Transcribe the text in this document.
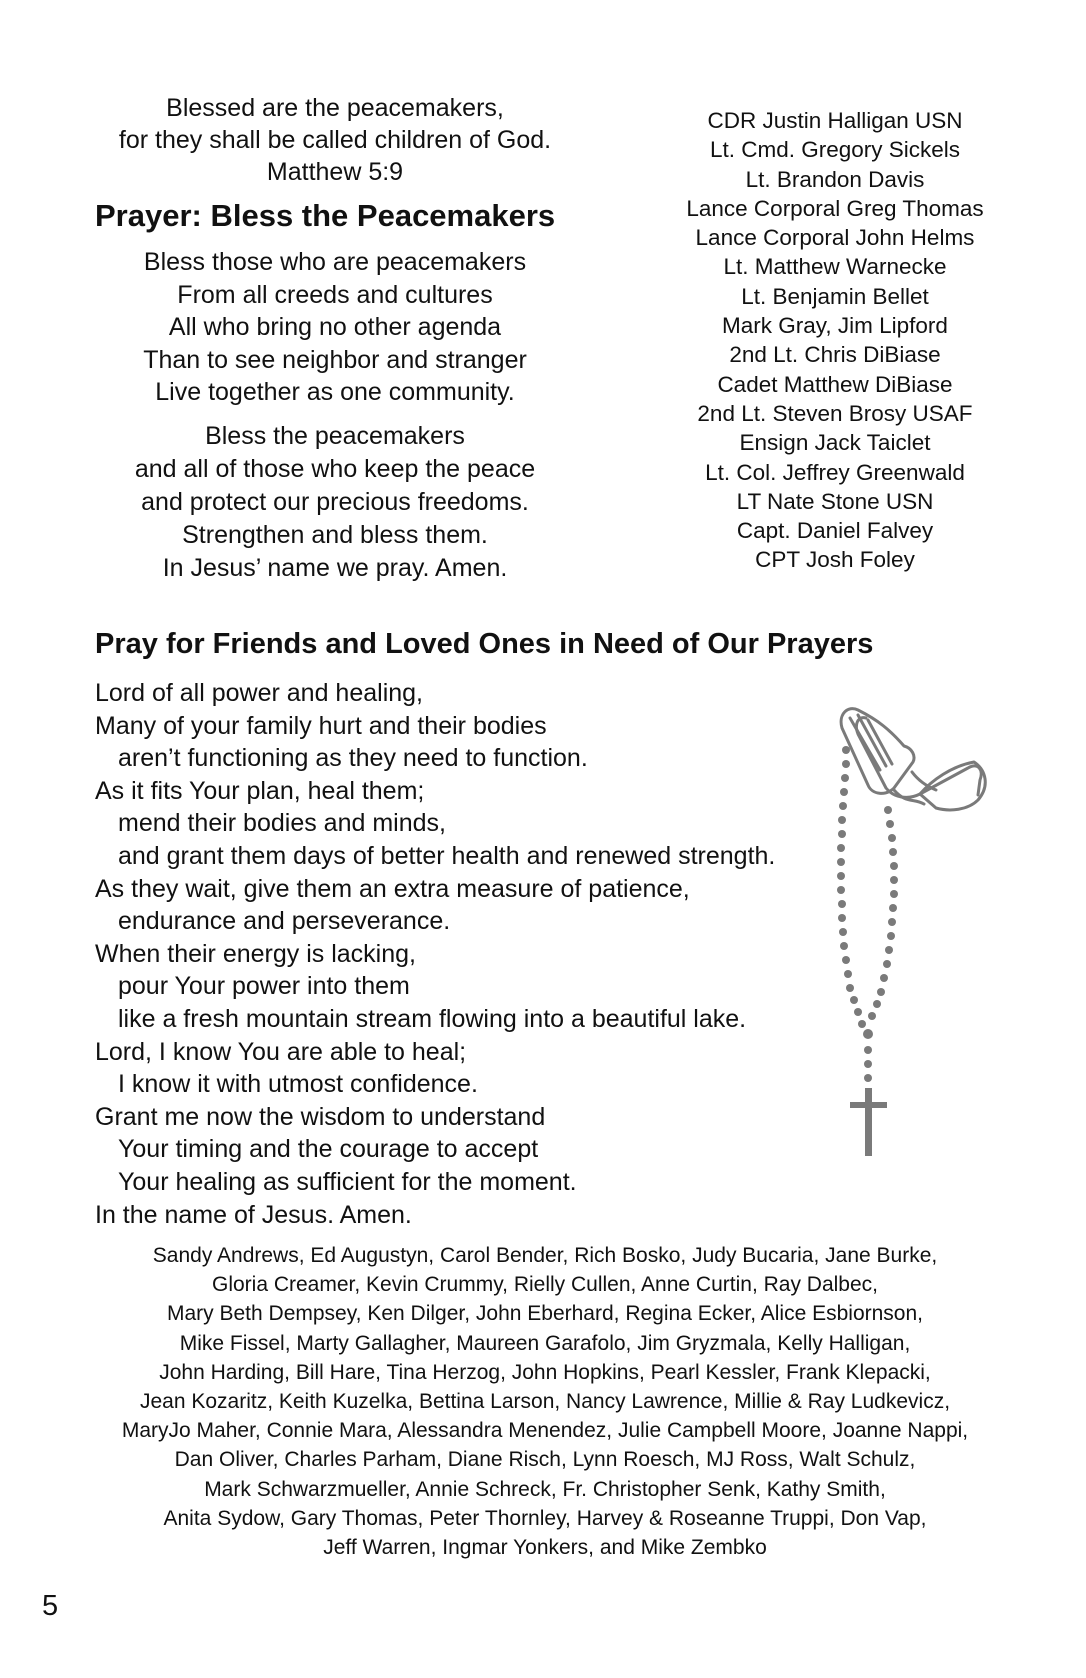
Blessed are the peacemakers,
for they shall be called children of God.
Matthew 5:9
Prayer: Bless the Peacemakers
Bless those who are peacemakers
From all creeds and cultures
All who bring no other agenda
Than to see neighbor and stranger
Live together as one community.
Bless the peacemakers
and all of those who keep the peace
and protect our precious freedoms.
Strengthen and bless them.
In Jesus’ name we pray. Amen.
CDR Justin Halligan USN
Lt. Cmd. Gregory Sickels
Lt. Brandon Davis
Lance Corporal Greg Thomas
Lance Corporal John Helms
Lt. Matthew Warnecke
Lt. Benjamin Bellet
Mark Gray, Jim Lipford
2nd Lt. Chris DiBiase
Cadet Matthew DiBiase
2nd Lt. Steven Brosy USAF
Ensign Jack Taiclet
Lt. Col. Jeffrey Greenwald
LT Nate Stone USN
Capt. Daniel Falvey
CPT Josh Foley
Pray for Friends and Loved Ones in Need of Our Prayers
Lord of all power and healing,
Many of your family hurt and their bodies
aren’t functioning as they need to function.
As it fits Your plan, heal them;
mend their bodies and minds,
and grant them days of better health and renewed strength.
As they wait, give them an extra measure of patience,
endurance and perseverance.
When their energy is lacking,
pour Your power into them
like a fresh mountain stream flowing into a beautiful lake.
Lord, I know You are able to heal;
I know it with utmost confidence.
Grant me now the wisdom to understand
Your timing and the courage to accept
Your healing as sufficient for the moment.
In the name of Jesus. Amen.
Sandy Andrews, Ed Augustyn, Carol Bender, Rich Bosko, Judy Bucaria, Jane Burke,
Gloria Creamer, Kevin Crummy, Rielly Cullen, Anne Curtin, Ray Dalbec,
Mary Beth Dempsey, Ken Dilger, John Eberhard, Regina Ecker, Alice Esbiornson,
Mike Fissel, Marty Gallagher, Maureen Garafolo, Jim Gryzmala, Kelly Halligan,
John Harding, Bill Hare, Tina Herzog, John Hopkins, Pearl Kessler, Frank Klepacki,
Jean Kozaritz, Keith Kuzelka, Bettina Larson, Nancy Lawrence, Millie & Ray Ludkevicz,
MaryJo Maher, Connie Mara, Alessandra Menendez, Julie Campbell Moore, Joanne Nappi,
Dan Oliver, Charles Parham, Diane Risch, Lynn Roesch, MJ Ross, Walt Schulz,
Mark Schwarzmueller, Annie Schreck, Fr. Christopher Senk, Kathy Smith,
Anita Sydow, Gary Thomas, Peter Thornley, Harvey & Roseanne Truppi, Don Vap,
Jeff Warren, Ingmar Yonkers, and Mike Zembko
5
